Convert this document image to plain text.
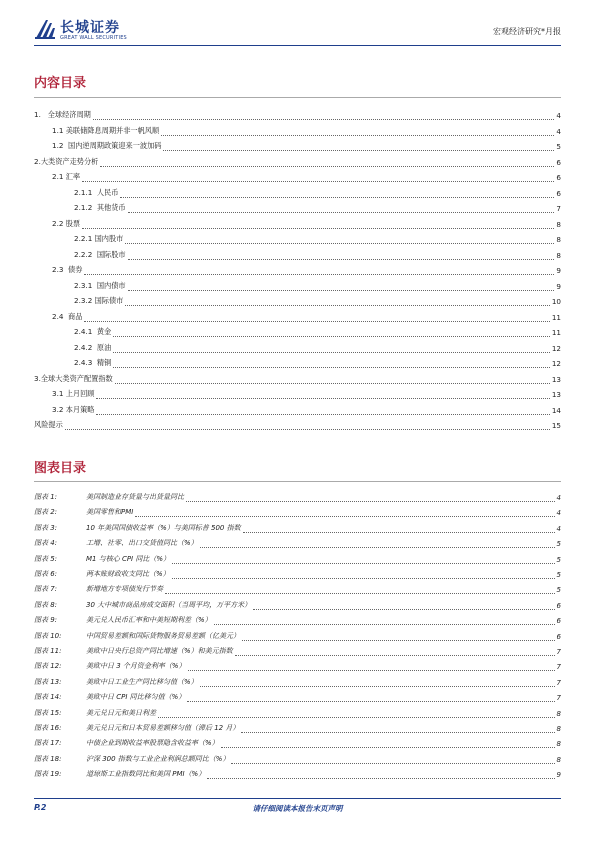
长城证券
GREAT WALL SECURITIES
宏观经济研究*月报
内容目录
1.   全球经济周期	4
1.1 美联储降息周期并非一帆风顺	4
1.2  国内逆周期政策迎来一波加码	5
2.大类资产走势分析	6
2.1 汇率	6
2.1.1  人民币	6
2.1.2  其他货币	7
2.2 股票	8
2.2.1 国内股市	8
2.2.2  国际股市	8
2.3  债券	9
2.3.1  国内债市	9
2.3.2 国际债市	10
2.4  商品	11
2.4.1  黄金	11
2.4.2  原油	12
2.4.3  精铜	12
3.全球大类资产配置指数	13
3.1 上月回顾	13
3.2 本月策略	14
风险提示	15
图表目录
图表 1:	美国制造业存货量与出货量同比	4
图表 2:	美国零售和PMI	4
图表 3:	10 年美国国债收益率（%）与美国标普 500 指数	4
图表 4:	工增、社零、出口交货值同比（%）	5
图表 5:	M1 与核心 CPI 同比（%）	5
图表 6:	两本账财政收支同比（%）	5
图表 7:	新增地方专项债发行节奏	5
图表 8:	30 大中城市商品房成交面积（当周平均，万平方米）	6
图表 9:	美元兑人民币汇率和中美短期利差（%）	6
图表 10:	中国贸易差额和国际货物服务贸易差额（亿美元）	6
图表 11:	美欧中日央行总资产同比增速（%）和美元指数	7
图表 12:	美欧中日 3 个月资金利率（%）	7
图表 13:	美欧中日工业生产同比移匀值（%）	7
图表 14:	美欧中日 CPI 同比移匀值（%）	7
图表 15:	美元兑日元和美日利差	8
图表 16:	美元兑日元和日本贸易差额移匀值（滞后 12 月）	8
图表 17:	中债企业到期收益率股票隐含收益率（%）	8
图表 18:	沪深 300 指数与工业企业利润总额同比（%）	8
图表 19:	道琼斯工业指数同比和美国 PMI（%）	9
P.2	请仔细阅读本报告末页声明
